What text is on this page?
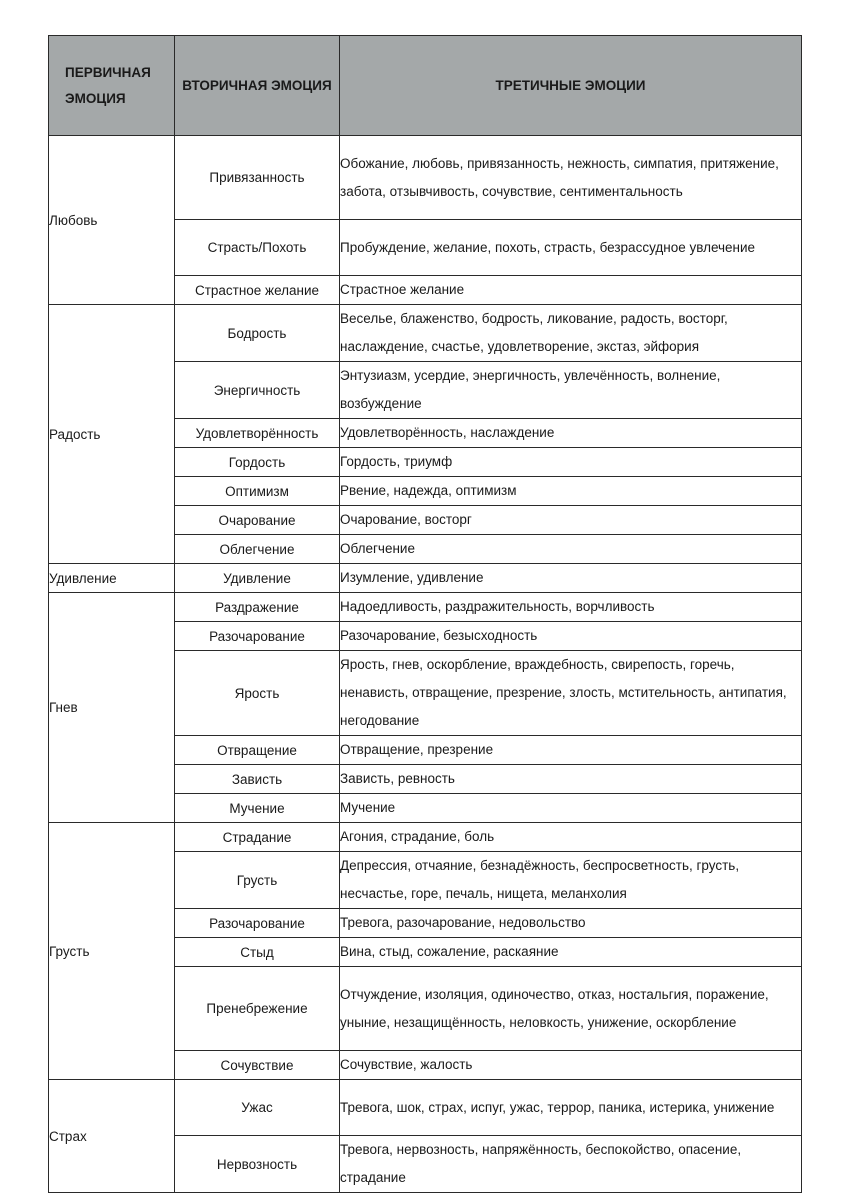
ПЕРВИЧНАЯ ЭМОЦИЯ	ВТОРИЧНАЯ ЭМОЦИЯ	ТРЕТИЧНЫЕ ЭМОЦИИ
Любовь	Привязанность	Обожание, любовь, привязанность, нежность, симпатия, притяжение, забота, отзывчивость, сочувствие, сентиментальность
	Страсть/Похоть	Пробуждение, желание, похоть, страсть, безрассудное увлечение
	Страстное желание	Страстное желание
Радость	Бодрость	Веселье, блаженство, бодрость, ликование, радость, восторг, наслаждение, счастье, удовлетворение, экстаз, эйфория
	Энергичность	Энтузиазм, усердие, энергичность, увлечённость, волнение, возбуждение
	Удовлетворённость	Удовлетворённость, наслаждение
	Гордость	Гордость, триумф
	Оптимизм	Рвение, надежда, оптимизм
	Очарование	Очарование, восторг
	Облегчение	Облегчение
Удивление	Удивление	Изумление, удивление
Гнев	Раздражение	Надоедливость, раздражительность, ворчливость
	Разочарование	Разочарование, безысходность
	Ярость	Ярость, гнев, оскорбление, враждебность, свирепость, горечь, ненависть, отвращение, презрение, злость, мстительность, антипатия, негодование
	Отвращение	Отвращение, презрение
	Зависть	Зависть, ревность
	Мучение	Мучение
Грусть	Страдание	Агония, страдание, боль
	Грусть	Депрессия, отчаяние, безнадёжность, беспросветность, грусть, несчастье, горе, печаль, нищета, меланхолия
	Разочарование	Тревога, разочарование, недовольство
	Стыд	Вина, стыд, сожаление, раскаяние
	Пренебрежение	Отчуждение, изоляция, одиночество, отказ, ностальгия, поражение, уныние, незащищённость, неловкость, унижение, оскорбление
	Сочувствие	Сочувствие, жалость
Страх	Ужас	Тревога, шок, страх, испуг, ужас, террор, паника, истерика, унижение
	Нервозность	Тревога, нервозность, напряжённость, беспокойство, опасение, страдание
